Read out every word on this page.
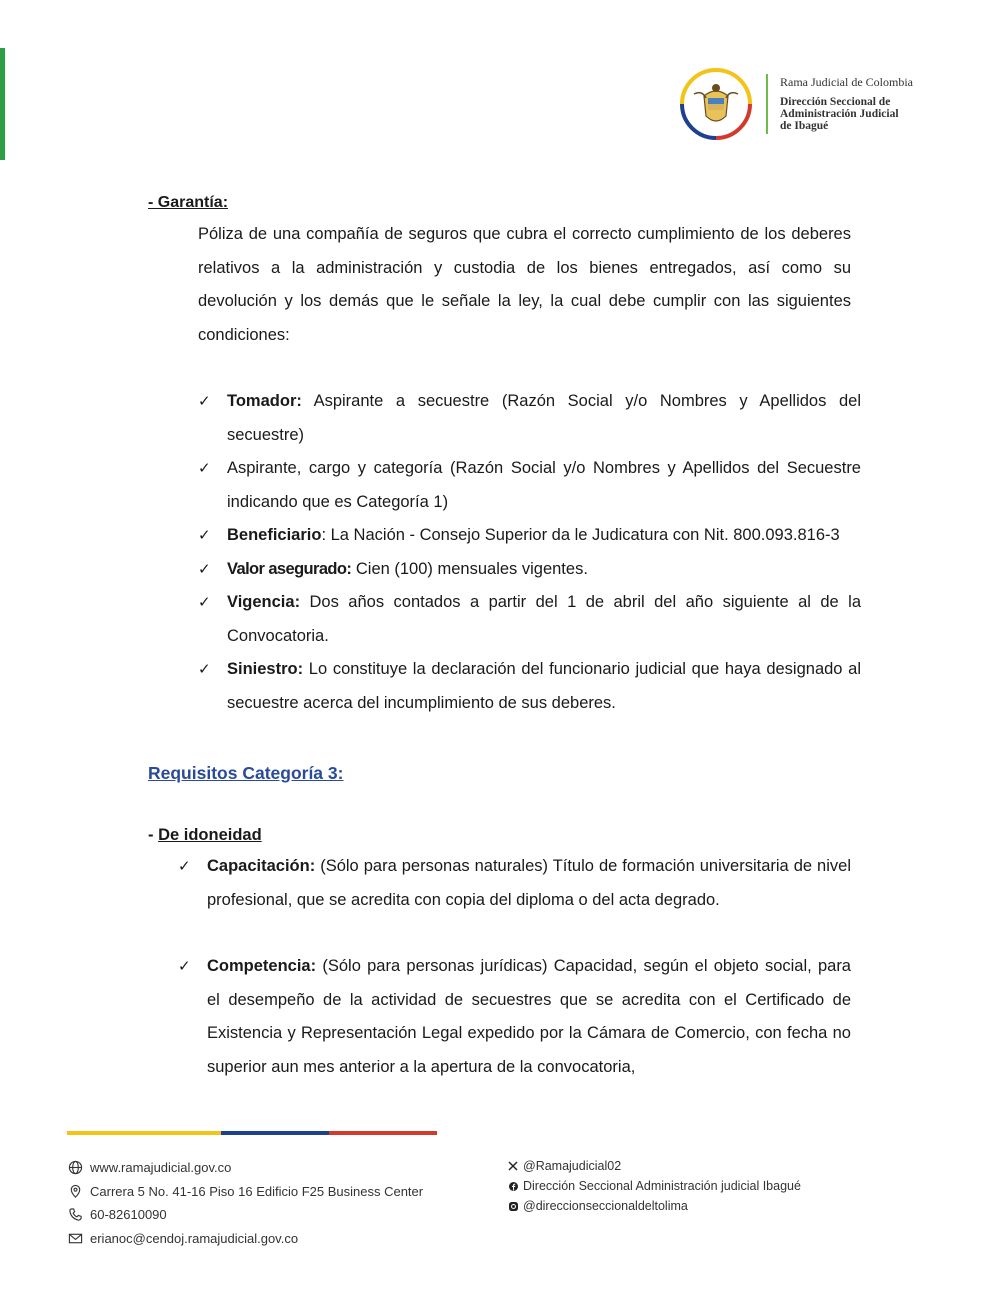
Rama Judicial de Colombia
Dirección Seccional de
Administración Judicial
de Ibagué

- Garantía:

Póliza de una compañía de seguros que cubra el correcto cumplimiento de los deberes relativos a la administración y custodia de los bienes entregados, así como su devolución y los demás que le señale la ley, la cual debe cumplir con las siguientes condiciones:

✓ Tomador: Aspirante a secuestre (Razón Social y/o Nombres y Apellidos del secuestre)
✓ Aspirante, cargo y categoría (Razón Social y/o Nombres y Apellidos del Secuestre indicando que es Categoría 1)
✓ Beneficiario: La Nación - Consejo Superior da le Judicatura con Nit. 800.093.816-3
✓ Valor asegurado: Cien (100) mensuales vigentes.
✓ Vigencia: Dos años contados a partir del 1 de abril del año siguiente al de la Convocatoria.
✓ Siniestro: Lo constituye la declaración del funcionario judicial que haya designado al secuestre acerca del incumplimiento de sus deberes.

Requisitos Categoría 3:

- De idoneidad

✓ Capacitación: (Sólo para personas naturales) Título de formación universitaria de nivel profesional, que se acredita con copia del diploma o del acta degrado.
✓ Competencia: (Sólo para personas jurídicas) Capacidad, según el objeto social, para el desempeño de la actividad de secuestres que se acredita con el Certificado de Existencia y Representación Legal expedido por la Cámara de Comercio, con fecha no superior aun mes anterior a la apertura de la convocatoria,
www.ramajudicial.gov.co
Carrera 5 No. 41-16 Piso 16 Edificio F25 Business Center
60-82610090
erianoc@cendoj.ramajudicial.gov.co
@Ramajudicial02
Dirección Seccional Administración judicial Ibagué
@direccionseccionaldeltolima
